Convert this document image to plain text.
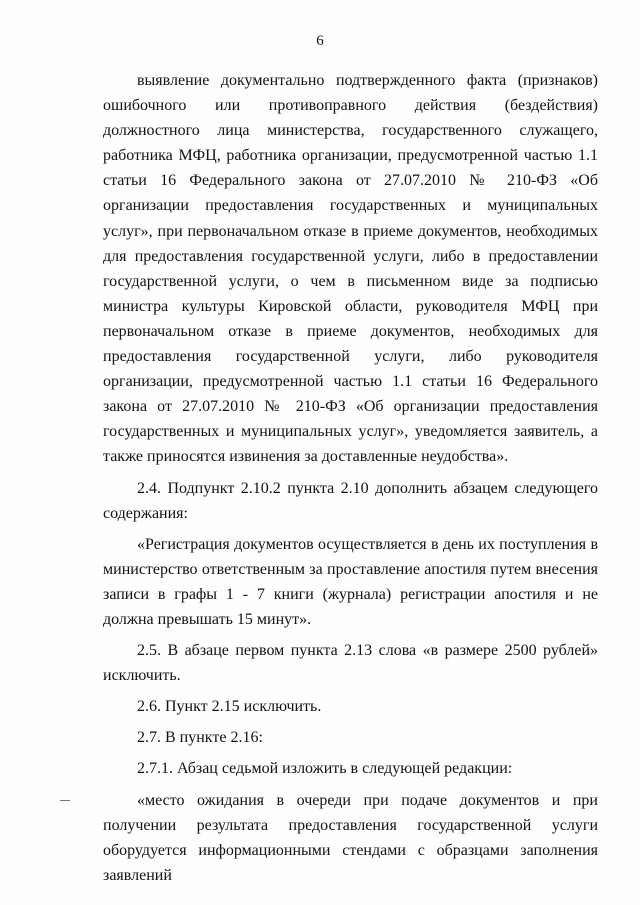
6

выявление документально подтвержденного факта (признаков) ошибочного или противоправного действия (бездействия) должностного лица министерства, государственного служащего, работника МФЦ, работника организации, предусмотренной частью 1.1 статьи 16 Федерального закона от 27.07.2010 № 210-ФЗ «Об организации предоставления государственных и муниципальных услуг», при первоначальном отказе в приеме документов, необходимых для предоставления государственной услуги, либо в предоставлении государственной услуги, о чем в письменном виде за подписью министра культуры Кировской области, руководителя МФЦ при первоначальном отказе в приеме документов, необходимых для предоставления государственной услуги, либо руководителя организации, предусмотренной частью 1.1 статьи 16 Федерального закона от 27.07.2010 № 210-ФЗ «Об организации предоставления государственных и муниципальных услуг», уведомляется заявитель, а также приносятся извинения за доставленные неудобства».

2.4. Подпункт 2.10.2 пункта 2.10 дополнить абзацем следующего содержания:

«Регистрация документов осуществляется в день их поступления в министерство ответственным за проставление апостиля путем внесения записи в графы 1 - 7 книги (журнала) регистрации апостиля и не должна превышать 15 минут».

2.5. В абзаце первом пункта 2.13 слова «в размере 2500 рублей» исключить.

2.6. Пункт 2.15 исключить.

2.7. В пункте 2.16:

2.7.1. Абзац седьмой изложить в следующей редакции:

«место ожидания в очереди при подаче документов и при получении результата предоставления государственной услуги оборудуется информационными стендами с образцами заполнения заявлений
